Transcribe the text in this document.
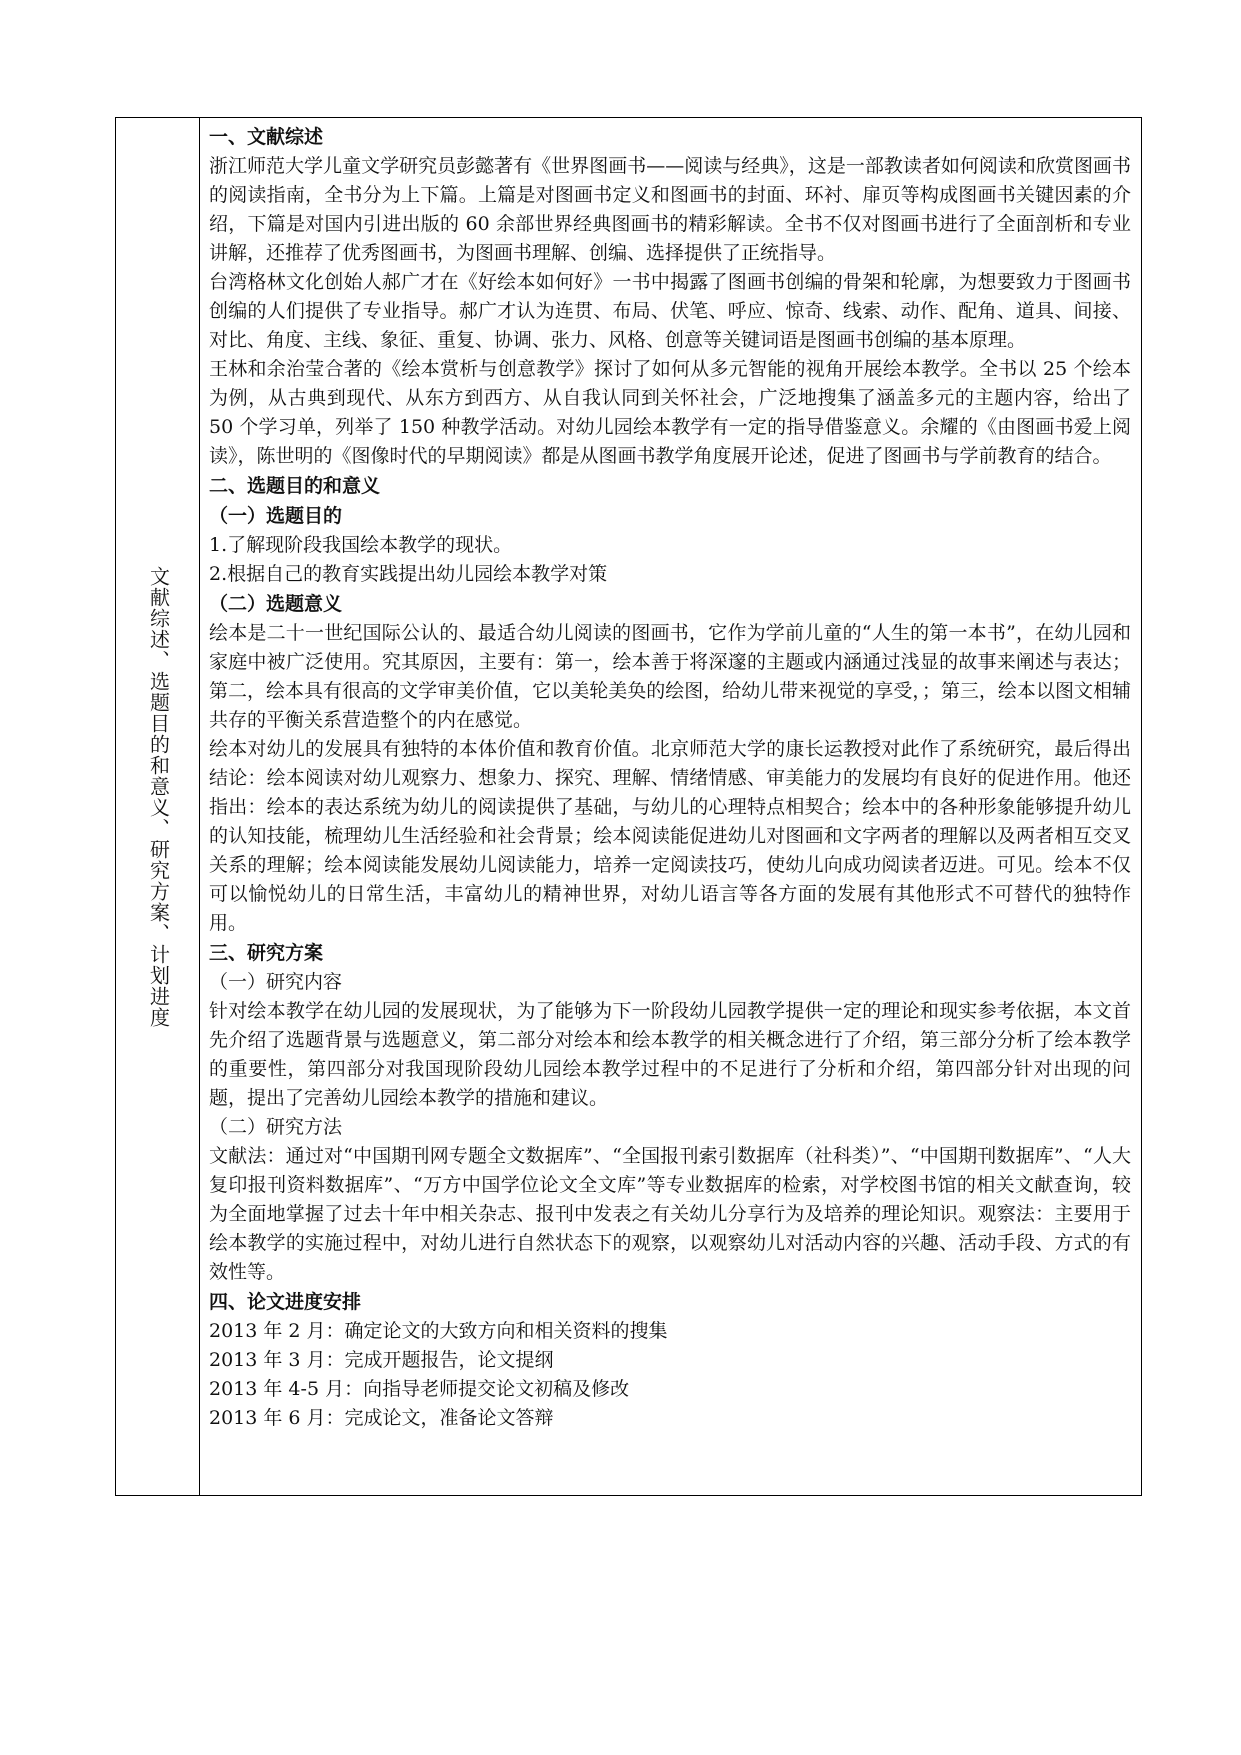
文献综述、选题目的和意义、研究方案、计划进度

一、文献综述

浙江师范大学儿童文学研究员彭懿著有《世界图画书——阅读与经典》，这是一部教读者如何阅读和欣赏图画书的阅读指南，全书分为上下篇。上篇是对图画书定义和图画书的封面、环衬、扉页等构成图画书关键因素的介绍，下篇是对国内引进出版的 60 余部世界经典图画书的精彩解读。全书不仅对图画书进行了全面剖析和专业讲解，还推荐了优秀图画书，为图画书理解、创编、选择提供了正统指导。

台湾格林文化创始人郝广才在《好绘本如何好》一书中揭露了图画书创编的骨架和轮廓，为想要致力于图画书创编的人们提供了专业指导。郝广才认为连贯、布局、伏笔、呼应、惊奇、线索、动作、配角、道具、间接、对比、角度、主线、象征、重复、协调、张力、风格、创意等关键词语是图画书创编的基本原理。

王林和余治莹合著的《绘本赏析与创意教学》探讨了如何从多元智能的视角开展绘本教学。全书以 25 个绘本为例，从古典到现代、从东方到西方、从自我认同到关怀社会，广泛地搜集了涵盖多元的主题内容，给出了 50 个学习单，列举了 150 种教学活动。对幼儿园绘本教学有一定的指导借鉴意义。余耀的《由图画书爱上阅读》，陈世明的《图像时代的早期阅读》都是从图画书教学角度展开论述，促进了图画书与学前教育的结合。

二、选题目的和意义

（一）选题目的

1.了解现阶段我国绘本教学的现状。

2.根据自己的教育实践提出幼儿园绘本教学对策

（二）选题意义

绘本是二十一世纪国际公认的、最适合幼儿阅读的图画书，它作为学前儿童的“人生的第一本书”，在幼儿园和家庭中被广泛使用。究其原因，主要有：第一，绘本善于将深邃的主题或内涵通过浅显的故事来阐述与表达；第二，绘本具有很高的文学审美价值，它以美轮美奂的绘图，给幼儿带来视觉的享受，；第三，绘本以图文相辅共存的平衡关系营造整个的内在感觉。

绘本对幼儿的发展具有独特的本体价值和教育价值。北京师范大学的康长运教授对此作了系统研究，最后得出结论：绘本阅读对幼儿观察力、想象力、探究、理解、情绪情感、审美能力的发展均有良好的促进作用。他还指出：绘本的表达系统为幼儿的阅读提供了基础，与幼儿的心理特点相契合；绘本中的各种形象能够提升幼儿的认知技能，梳理幼儿生活经验和社会背景；绘本阅读能促进幼儿对图画和文字两者的理解以及两者相互交叉关系的理解；绘本阅读能发展幼儿阅读能力，培养一定阅读技巧，使幼儿向成功阅读者迈进。可见。绘本不仅可以愉悦幼儿的日常生活，丰富幼儿的精神世界，对幼儿语言等各方面的发展有其他形式不可替代的独特作用。

三、研究方案

（一）研究内容

针对绘本教学在幼儿园的发展现状，为了能够为下一阶段幼儿园教学提供一定的理论和现实参考依据，本文首先介绍了选题背景与选题意义，第二部分对绘本和绘本教学的相关概念进行了介绍，第三部分分析了绘本教学的重要性，第四部分对我国现阶段幼儿园绘本教学过程中的不足进行了分析和介绍，第四部分针对出现的问题，提出了完善幼儿园绘本教学的措施和建议。

（二）研究方法

文献法：通过对“中国期刊网专题全文数据库”、“全国报刊索引数据库（社科类）”、“中国期刊数据库”、“人大复印报刊资料数据库”、“万方中国学位论文全文库”等专业数据库的检索，对学校图书馆的相关文献查询，较为全面地掌握了过去十年中相关杂志、报刊中发表之有关幼儿分享行为及培养的理论知识。观察法：主要用于绘本教学的实施过程中，对幼儿进行自然状态下的观察，以观察幼儿对活动内容的兴趣、活动手段、方式的有效性等。

四、论文进度安排

2013 年 2 月：确定论文的大致方向和相关资料的搜集

2013 年 3 月：完成开题报告，论文提纲

2013 年 4-5 月：向指导老师提交论文初稿及修改

2013 年 6 月：完成论文，准备论文答辩
